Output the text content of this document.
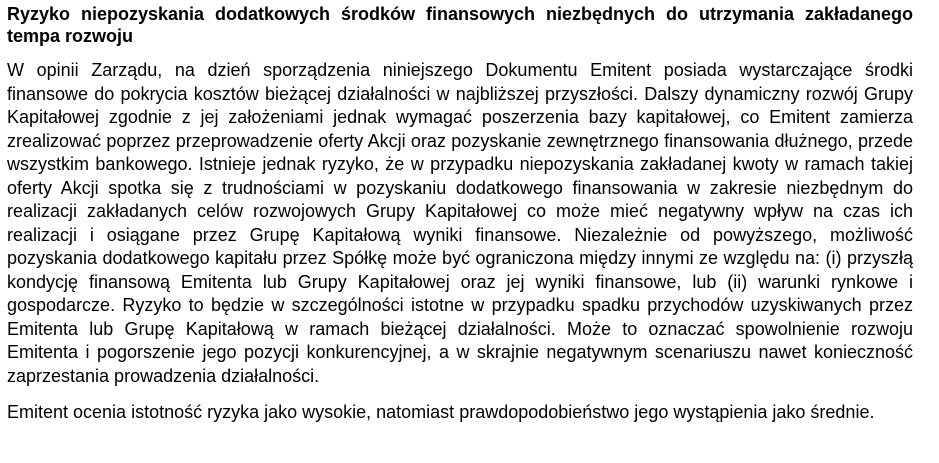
Ryzyko niepozyskania dodatkowych środków finansowych niezbędnych do utrzymania zakładanego tempa rozwoju

W opinii Zarządu, na dzień sporządzenia niniejszego Dokumentu Emitent posiada wystarczające środki finansowe do pokrycia kosztów bieżącej działalności w najbliższej przyszłości. Dalszy dynamiczny rozwój Grupy Kapitałowej zgodnie z jej założeniami jednak wymagać poszerzenia bazy kapitałowej, co Emitent zamierza zrealizować poprzez przeprowadzenie oferty Akcji oraz pozyskanie zewnętrznego finansowania dłużnego, przede wszystkim bankowego. Istnieje jednak ryzyko, że w przypadku niepozyskania zakładanej kwoty w ramach takiej oferty Akcji spotka się z trudnościami w pozyskaniu dodatkowego finansowania w zakresie niezbędnym do realizacji zakładanych celów rozwojowych Grupy Kapitałowej co może mieć negatywny wpływ na czas ich realizacji i osiągane przez Grupę Kapitałową wyniki finansowe. Niezależnie od powyższego, możliwość pozyskania dodatkowego kapitału przez Spółkę może być ograniczona między innymi ze względu na: (i) przyszłą kondycję finansową Emitenta lub Grupy Kapitałowej oraz jej wyniki finansowe, lub (ii) warunki rynkowe i gospodarcze. Ryzyko to będzie w szczególności istotne w przypadku spadku przychodów uzyskiwanych przez Emitenta lub Grupę Kapitałową w ramach bieżącej działalności. Może to oznaczać spowolnienie rozwoju Emitenta i pogorszenie jego pozycji konkurencyjnej, a w skrajnie negatywnym scenariuszu nawet konieczność zaprzestania prowadzenia działalności.

Emitent ocenia istotność ryzyka jako wysokie, natomiast prawdopodobieństwo jego wystąpienia jako średnie.
